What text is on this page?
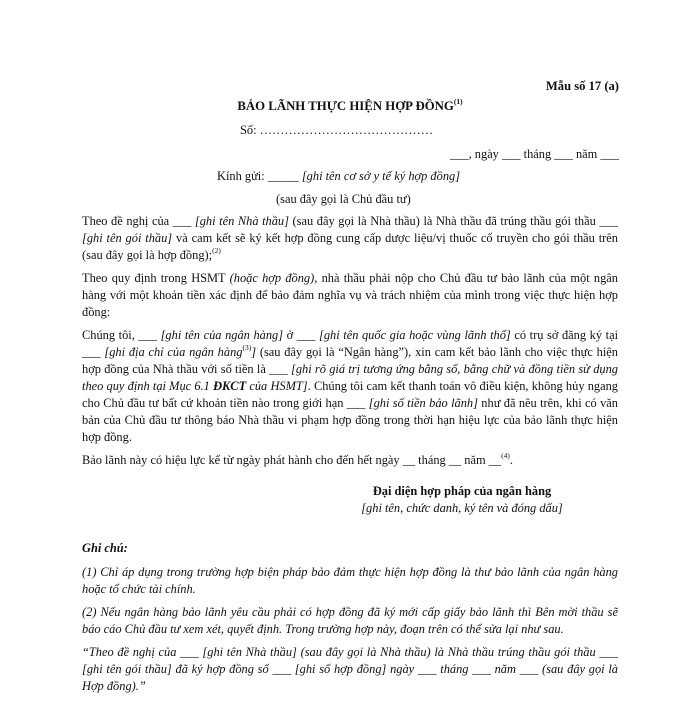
Mẫu số 17 (a)
BẢO LÃNH THỰC HIỆN HỢP ĐỒNG$^{(1)}$
Số: ……………………………………
___, ngày ___ tháng ___ năm ___
Kính gửi: _____ [ghi tên cơ sở y tế ký hợp đồng]
(sau đây gọi là Chủ đầu tư)

Theo đề nghị của ___ [ghi tên Nhà thầu] (sau đây gọi là Nhà thầu) là Nhà thầu đã trúng thầu gói thầu ___ [ghi tên gói thầu] và cam kết sẽ ký kết hợp đồng cung cấp dược liệu/vị thuốc cổ truyền cho gói thầu trên (sau đây gọi là hợp đồng);$^{(2)}$

Theo quy định trong HSMT (hoặc hợp đồng), nhà thầu phải nộp cho Chủ đầu tư bảo lãnh của một ngân hàng với một khoản tiền xác định để bảo đảm nghĩa vụ và trách nhiệm của mình trong việc thực hiện hợp đồng:

Chúng tôi, ___ [ghi tên của ngân hàng] ở ___ [ghi tên quốc gia hoặc vùng lãnh thổ] có trụ sở đăng ký tại ___ [ghi địa chỉ của ngân hàng$^{(3)}$] (sau đây gọi là “Ngân hàng”), xin cam kết bảo lãnh cho việc thực hiện hợp đồng của Nhà thầu với số tiền là ___ [ghi rõ giá trị tương ứng bằng số, bằng chữ và đồng tiền sử dụng theo quy định tại Mục 6.1 ĐKCT của HSMT]. Chúng tôi cam kết thanh toán vô điều kiện, không hủy ngang cho Chủ đầu tư bất cứ khoản tiền nào trong giới hạn ___ [ghi số tiền bảo lãnh] như đã nêu trên, khi có văn bản của Chủ đầu tư thông báo Nhà thầu vi phạm hợp đồng trong thời hạn hiệu lực của bảo lãnh thực hiện hợp đồng.

Bảo lãnh này có hiệu lực kể từ ngày phát hành cho đến hết ngày __ tháng __ năm __$^{(4)}$.

Đại diện hợp pháp của ngân hàng
[ghi tên, chức danh, ký tên và đóng dấu]

Ghi chú:

(1) Chỉ áp dụng trong trường hợp biện pháp bảo đảm thực hiện hợp đồng là thư bảo lãnh của ngân hàng hoặc tổ chức tài chính.

(2) Nếu ngân hàng bảo lãnh yêu cầu phải có hợp đồng đã ký mới cấp giấy bảo lãnh thì Bên mời thầu sẽ báo cáo Chủ đầu tư xem xét, quyết định. Trong trường hợp này, đoạn trên có thể sửa lại như sau.

“Theo đề nghị của ___ [ghi tên Nhà thầu] (sau đây gọi là Nhà thầu) là Nhà thầu trúng thầu gói thầu ___ [ghi tên gói thầu] đã ký hợp đồng số ___ [ghi số hợp đồng] ngày ___ tháng ___ năm ___ (sau đây gọi là Hợp đồng).”
